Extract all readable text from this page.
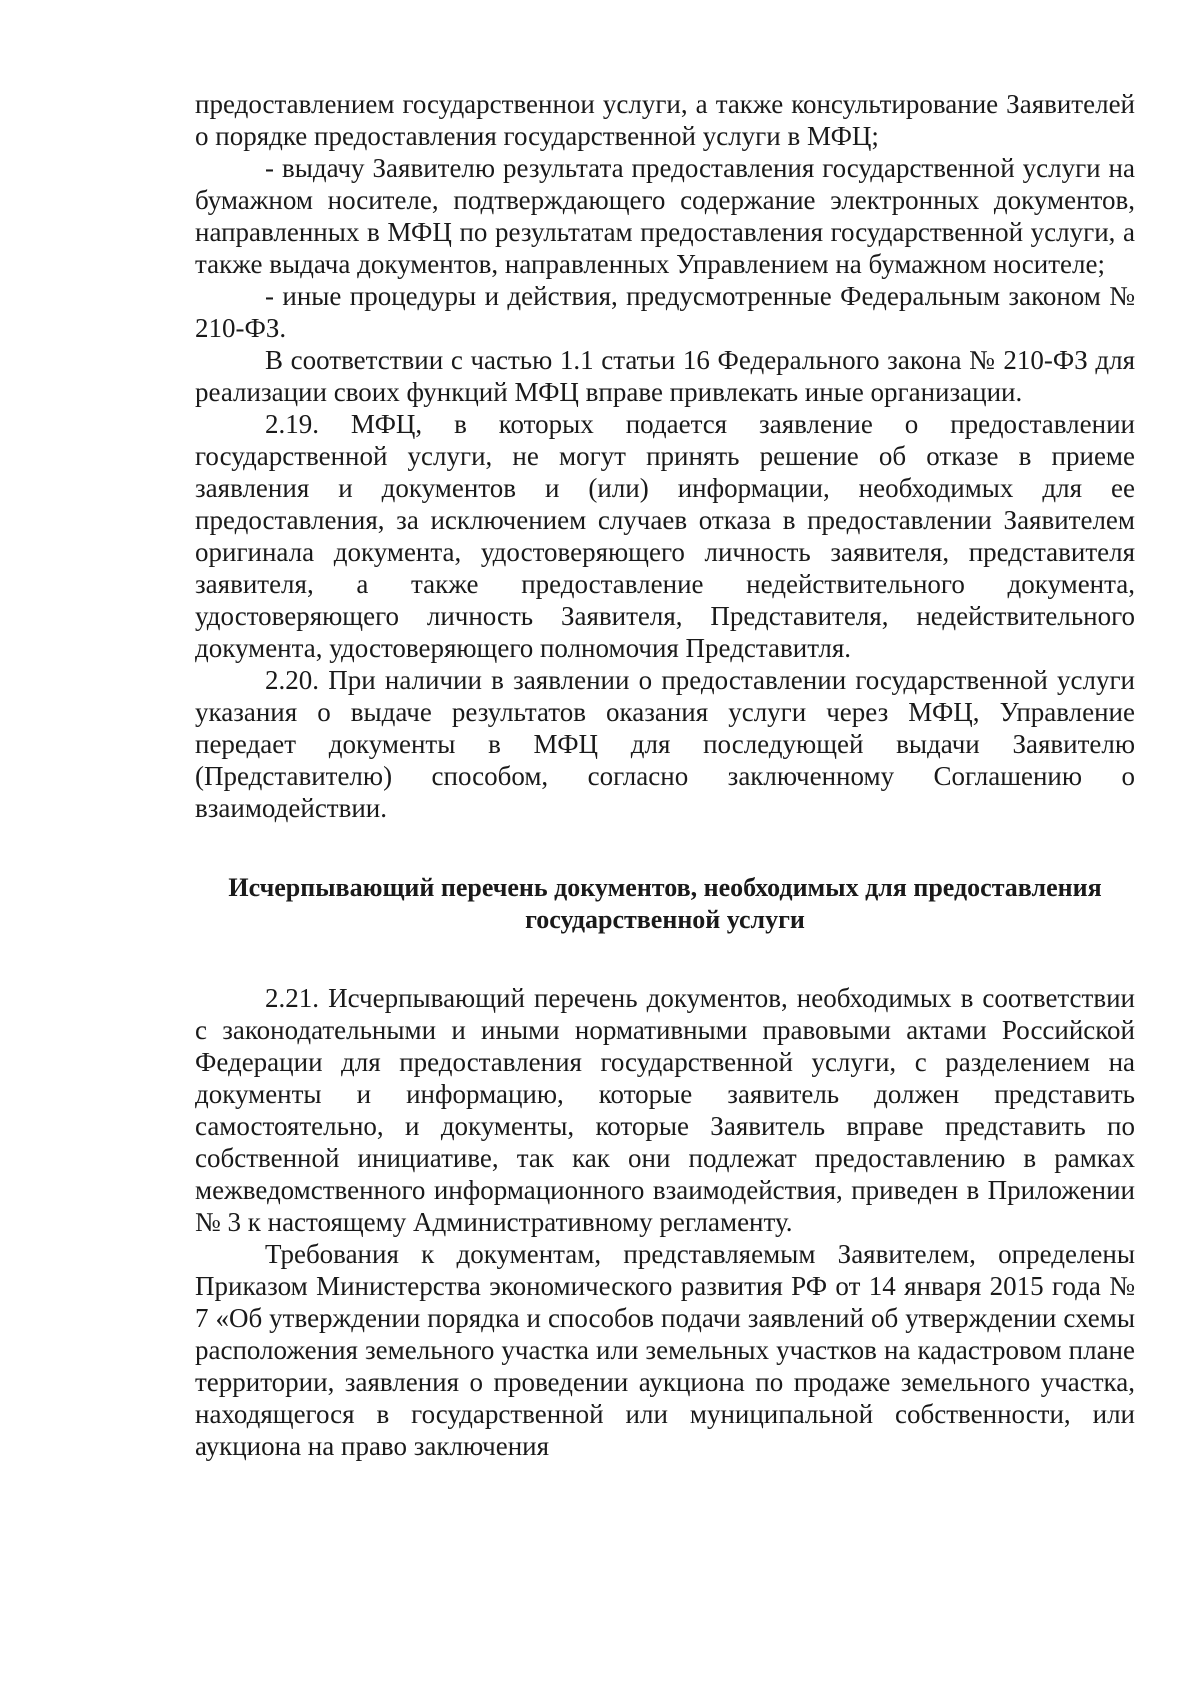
предоставлением государственнои услуги, а также консультирование Заявителей о порядке предоставления государственной услуги в МФЦ;

- выдачу Заявителю результата предоставления государственной услуги на бумажном носителе, подтверждающего содержание электронных документов, направленных в МФЦ по результатам предоставления государственной услуги, а также выдача документов, направленных Управлением на бумажном носителе;

- иные процедуры и действия, предусмотренные Федеральным законом № 210-ФЗ.

В соответствии с частью 1.1 статьи 16 Федерального закона № 210-ФЗ для реализации своих функций МФЦ вправе привлекать иные организации.

2.19. МФЦ, в которых подается заявление о предоставлении государственной услуги, не могут принять решение об отказе в приеме заявления и документов и (или) информации, необходимых для ее предоставления, за исключением случаев отказа в предоставлении Заявителем оригинала документа, удостоверяющего личность заявителя, представителя заявителя, а также предоставление недействительного документа, удостоверяющего личность Заявителя, Представителя, недействительного документа, удостоверяющего полномочия Представитля.

2.20. При наличии в заявлении о предоставлении государственной услуги указания о выдаче результатов оказания услуги через МФЦ, Управление передает документы в МФЦ для последующей выдачи Заявителю (Представителю) способом, согласно заключенному Соглашению о взаимодействии.

Исчерпывающий перечень документов, необходимых для предоставления государственной услуги

2.21. Исчерпывающий перечень документов, необходимых в соответствии с законодательными и иными нормативными правовыми актами Российской Федерации для предоставления государственной услуги, с разделением на документы и информацию, которые заявитель должен представить самостоятельно, и документы, которые Заявитель вправе представить по собственной инициативе, так как они подлежат предоставлению в рамках межведомственного информационного взаимодействия, приведен в Приложении № 3 к настоящему Административному регламенту.

Требования к документам, представляемым Заявителем, определены Приказом Министерства экономического развития РФ от 14 января 2015 года № 7 «Об утверждении порядка и способов подачи заявлений об утверждении схемы расположения земельного участка или земельных участков на кадастровом плане территории, заявления о проведении аукциона по продаже земельного участка, находящегося в государственной или муниципальной собственности, или аукциона на право заключения
